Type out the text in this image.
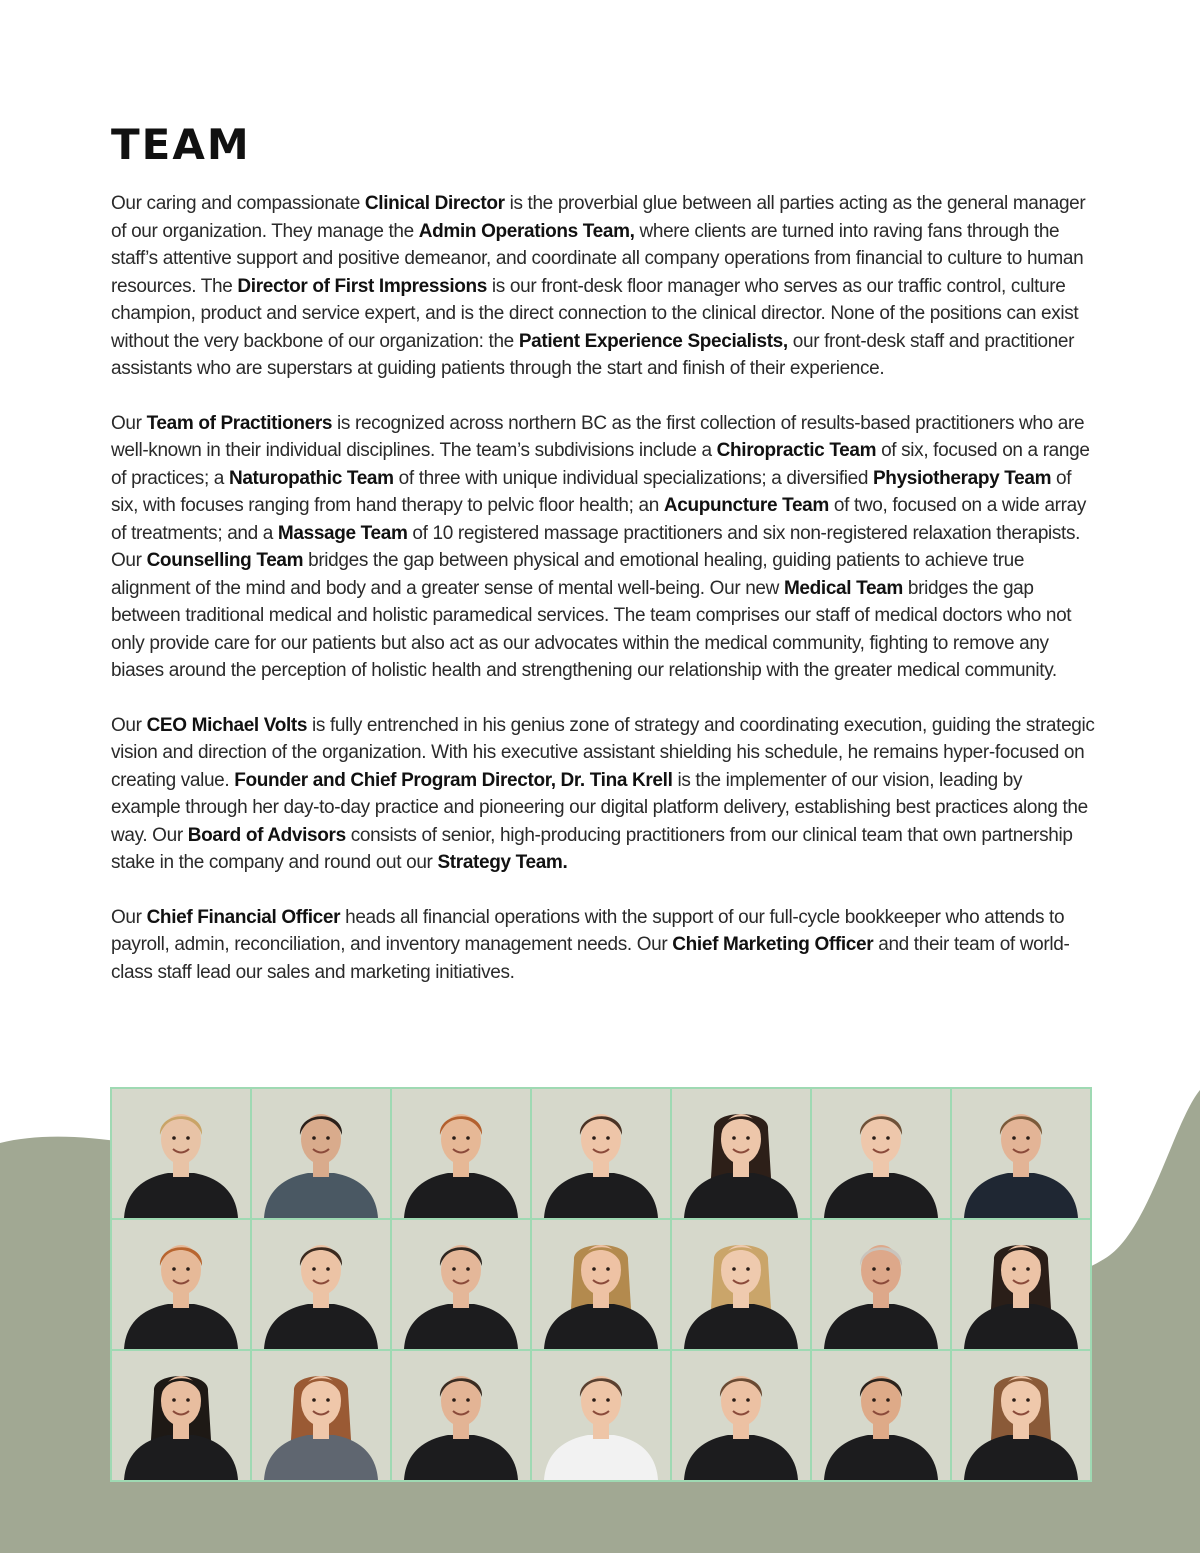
TEAM

Our caring and compassionate Clinical Director is the proverbial glue between all parties acting as the general manager of our organization. They manage the Admin Operations Team, where clients are turned into raving fans through the staff’s attentive support and positive demeanor, and coordinate all company operations from financial to culture to human resources. The Director of First Impressions is our front-desk floor manager who serves as our traffic control, culture champion, product and service expert, and is the direct connection to the clinical director. None of the positions can exist without the very backbone of our organization: the Patient Experience Specialists, our front-desk staff and practitioner assistants who are superstars at guiding patients through the start and finish of their experience.

Our Team of Practitioners is recognized across northern BC as the first collection of results-based practitioners who are well-known in their individual disciplines. The team’s subdivisions include a Chiropractic Team of six, focused on a range of practices; a Naturopathic Team of three with unique individual specializations; a diversified Physiotherapy Team of six, with focuses ranging from hand therapy to pelvic floor health; an Acupuncture Team of two, focused on a wide array of treatments; and a Massage Team of 10 registered massage practitioners and six non-registered relaxation therapists. Our Counselling Team bridges the gap between physical and emotional healing, guiding patients to achieve true alignment of the mind and body and a greater sense of mental well-being. Our new Medical Team bridges the gap between traditional medical and holistic paramedical services. The team comprises our staff of medical doctors who not only provide care for our patients but also act as our advocates within the medical community, fighting to remove any biases around the perception of holistic health and strengthening our relationship with the greater medical community.

Our CEO Michael Volts is fully entrenched in his genius zone of strategy and coordinating execution, guiding the strategic vision and direction of the organization. With his executive assistant shielding his schedule, he remains hyper-focused on creating value. Founder and Chief Program Director, Dr. Tina Krell is the implementer of our vision, leading by example through her day-to-day practice and pioneering our digital platform delivery, establishing best practices along the way. Our Board of Advisors consists of senior, high-producing practitioners from our clinical team that own partnership stake in the company and round out our Strategy Team.

Our Chief Financial Officer heads all financial operations with the support of our full-cycle bookkeeper who attends to payroll, admin, reconciliation, and inventory management needs. Our Chief Marketing Officer and their team of world-class staff lead our sales and marketing initiatives.
